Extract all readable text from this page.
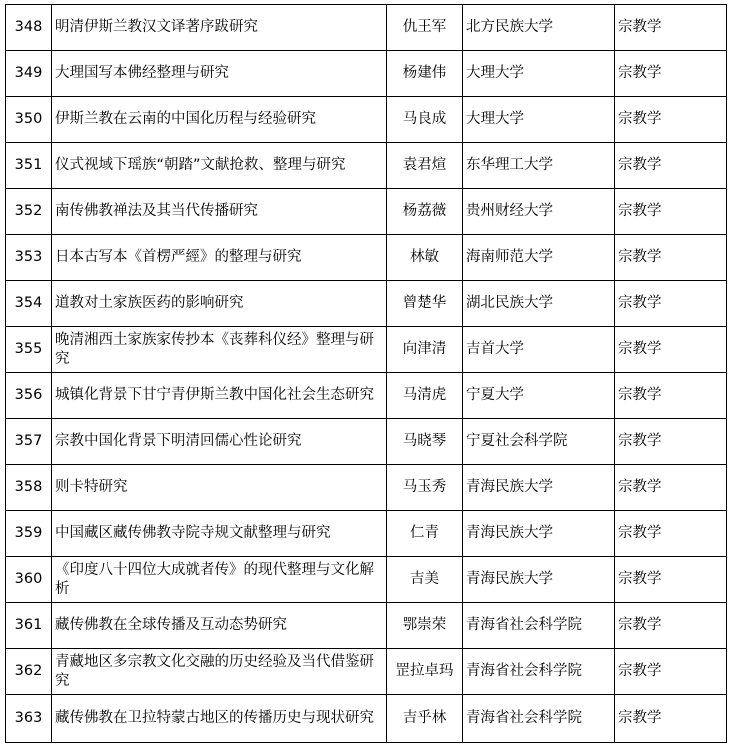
348	明清伊斯兰教汉文译著序跋研究	仇王军	北方民族大学	宗教学
349	大理国写本佛经整理与研究	杨建伟	大理大学	宗教学
350	伊斯兰教在云南的中国化历程与经验研究	马良成	大理大学	宗教学
351	仪式视域下瑶族“朝踏”文献抢救、整理与研究	袁君煊	东华理工大学	宗教学
352	南传佛教禅法及其当代传播研究	杨荔薇	贵州财经大学	宗教学
353	日本古写本《首楞严經》的整理与研究	林敏	海南师范大学	宗教学
354	道教对土家族医药的影响研究	曾楚华	湖北民族大学	宗教学
355	晚清湘西土家族家传抄本《丧葬科仪经》整理与研究	向津清	吉首大学	宗教学
356	城镇化背景下甘宁青伊斯兰教中国化社会生态研究	马清虎	宁夏大学	宗教学
357	宗教中国化背景下明清回儒心性论研究	马晓琴	宁夏社会科学院	宗教学
358	则卡特研究	马玉秀	青海民族大学	宗教学
359	中国藏区藏传佛教寺院寺规文献整理与研究	仁青	青海民族大学	宗教学
360	《印度八十四位大成就者传》的现代整理与文化解析	吉美	青海民族大学	宗教学
361	藏传佛教在全球传播及互动态势研究	鄂崇荣	青海省社会科学院	宗教学
362	青藏地区多宗教文化交融的历史经验及当代借鉴研究	罡拉卓玛	青海省社会科学院	宗教学
363	藏传佛教在卫拉特蒙古地区的传播历史与现状研究	吉乎林	青海省社会科学院	宗教学
